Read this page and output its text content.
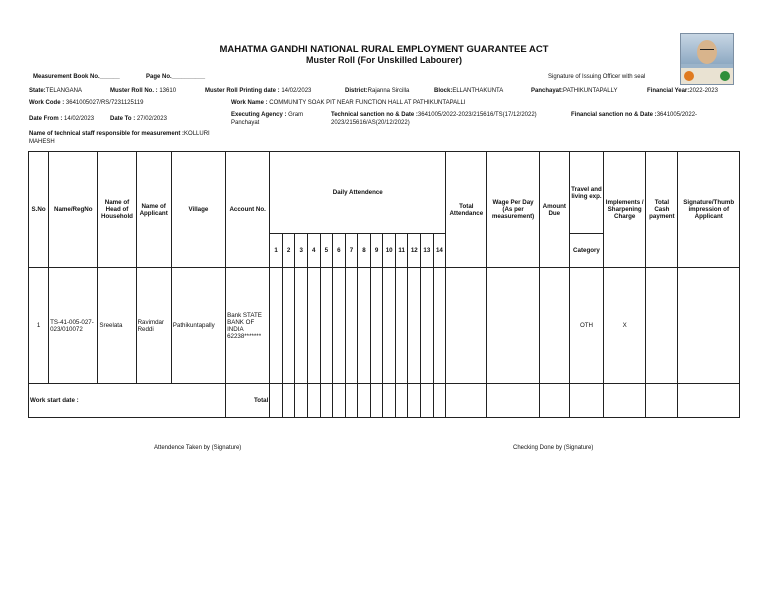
MAHATMA GANDHI NATIONAL RURAL EMPLOYMENT GUARANTEE ACT
Muster Roll (For Unskilled Labourer)
Measurement Book No.______	Page No.__________	Signature of Issuing Officer with seal
State:TELANGANA	Muster Roll No. : 13610	Muster Roll Printing date : 14/02/2023	District:Rajanna Sircilla	Block:ELLANTHAKUNTA	Panchayat:PATHIKUNTAPALLY	Financial Year:2022-2023
Work Code : 3641005027/RS/7231125119	Work Name : COMMUNITY SOAK PIT NEAR FUNCTION HALL AT PATHIKUNTAPALLI
Date From : 14/02/2023	Date To : 27/02/2023
Executing Agency : Gram
Panchayat
Technical sanction no & Date :3641005/2022-2023/215616/TS(17/12/2022)
2023/215616/AS(20/12/2022)
Financial sanction no & Date :3641005/2022-
Name of technical staff responsible for measurement :KOLLURI
MAHESH
S.No	Name/RegNo	Name of Head of Household	Name of Applicant	Village	Account No.	Daily Attendence														Total Attendance	Wage Per Day (As per measurement)	Amount Due	Travel and living exp.	Implements / Sharpening Charge	Total Cash payment	Signature/Thumb impression of Applicant
						1	2	3	4	5	6	7	8	9	10	11	12	13	14				Category			
1	TS-41-005-027-023/010072	Sreelata	Ravimdar Reddi	Pathikuntapally	Bank STATE BANK OF INDIA 62238*******																		OTH	X		
Work start date :					Total																					
Attendence Taken by (Signature)	Checking Done by (Signature)
